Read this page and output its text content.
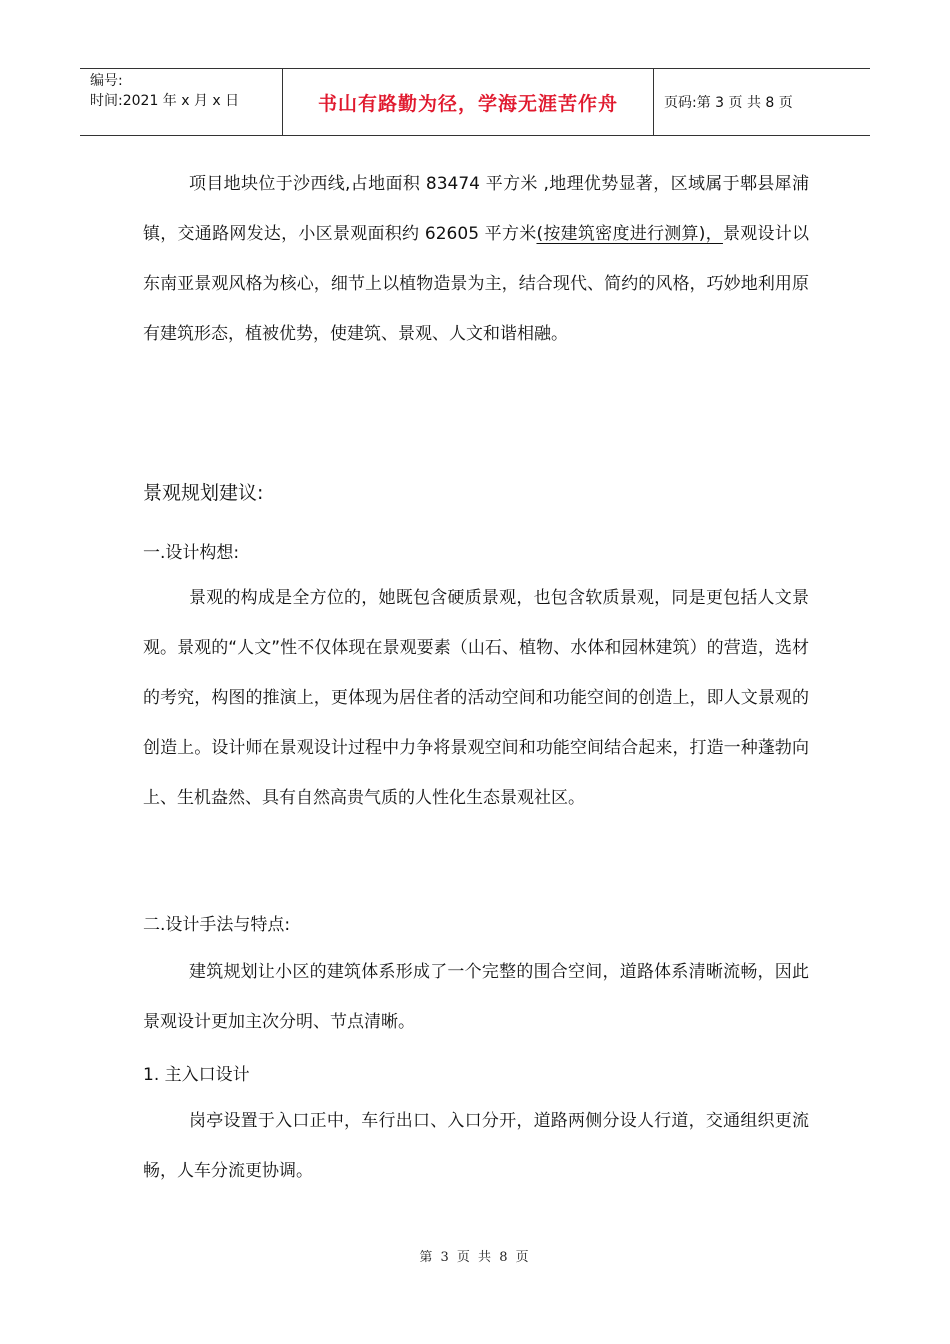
编号:
时间:2021 年 x 月 x 日	书山有路勤为径，学海无涯苦作舟	页码:第 3 页 共 8 页

项目地块位于沙西线,占地面积 83474 平方米 ,地理优势显著，区域属于郫县犀浦镇，交通路网发达，小区景观面积约 62605 平方米(按建筑密度进行测算)，景观设计以东南亚景观风格为核心，细节上以植物造景为主，结合现代、简约的风格，巧妙地利用原有建筑形态，植被优势，使建筑、景观、人文和谐相融。

景观规划建议:

一.设计构想:

景观的构成是全方位的，她既包含硬质景观，也包含软质景观，同是更包括人文景观。景观的“人文”性不仅体现在景观要素（山石、植物、水体和园林建筑）的营造，选材的考究，构图的推演上，更体现为居住者的活动空间和功能空间的创造上，即人文景观的创造上。设计师在景观设计过程中力争将景观空间和功能空间结合起来，打造一种蓬勃向上、生机盎然、具有自然高贵气质的人性化生态景观社区。

二.设计手法与特点:

建筑规划让小区的建筑体系形成了一个完整的围合空间，道路体系清晰流畅，因此景观设计更加主次分明、节点清晰。

1. 主入口设计

岗亭设置于入口正中，车行出口、入口分开，道路两侧分设人行道，交通组织更流畅，人车分流更协调。

第 3 页 共 8 页
